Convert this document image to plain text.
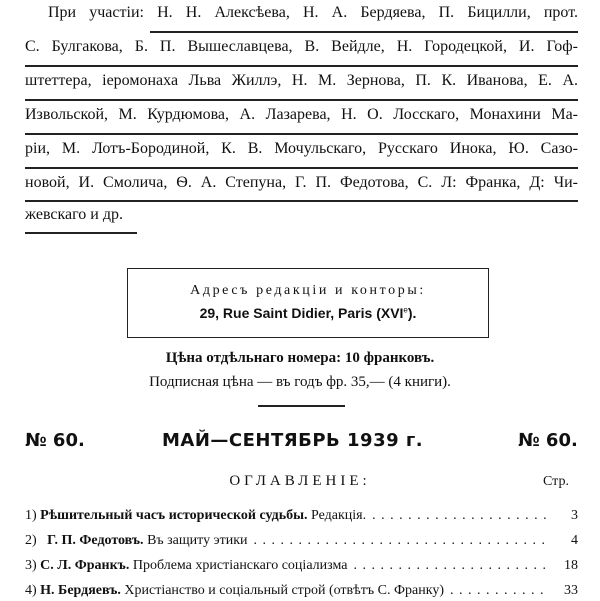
При участіи: Н. Н. Алексѣева, Н. А. Бердяева, П. Бицилли, прот.
С. Булгакова, Б. П. Вышеславцева, В. Вейдле, Н. Городецкой, И. Гоф-
штеттера, іеромонаха Льва Жиллэ, Н. М. Зернова, П. К. Иванова, Е. А.
Извольской, М. Курдюмова, А. Лазарева, Н. О. Лосскаго, Монахини Ма-
ріи, М. Лотъ-Бородиной, К. В. Мочульскаго, Русскаго Инока, Ю. Сазо-
новой, И. Смолича, Ѳ. А. Степуна, Г. П. Федотова, С. Л: Франка, Д: Чи-
жевскаго и др.
Адресъ редакціи и конторы:
29, Rue Saint Didier, Paris (XVIe).
Цѣна отдѣльнаго номера: 10 франковъ.
Подписная цѣна — въ годъ фр. 35,— (4 книги).
№ 60.	МАЙ—СЕНТЯБРЬ 1939 г.	№ 60.
ОГЛАВЛЕНІЕ:	Стр.
1)
Рѣшительный часъ исторической судьбы.
Редакція. . . .	3
2)
Г. П. Федотовъ.
Въ защиту этики . . .	4
3)
С. Л. Франкъ.
Проблема христіанскаго соціализма . . .	18
4)
Н. Бердяевъ.
Христіанство и соціальный строй (отвѣтъ С. Франку) . . .	33
